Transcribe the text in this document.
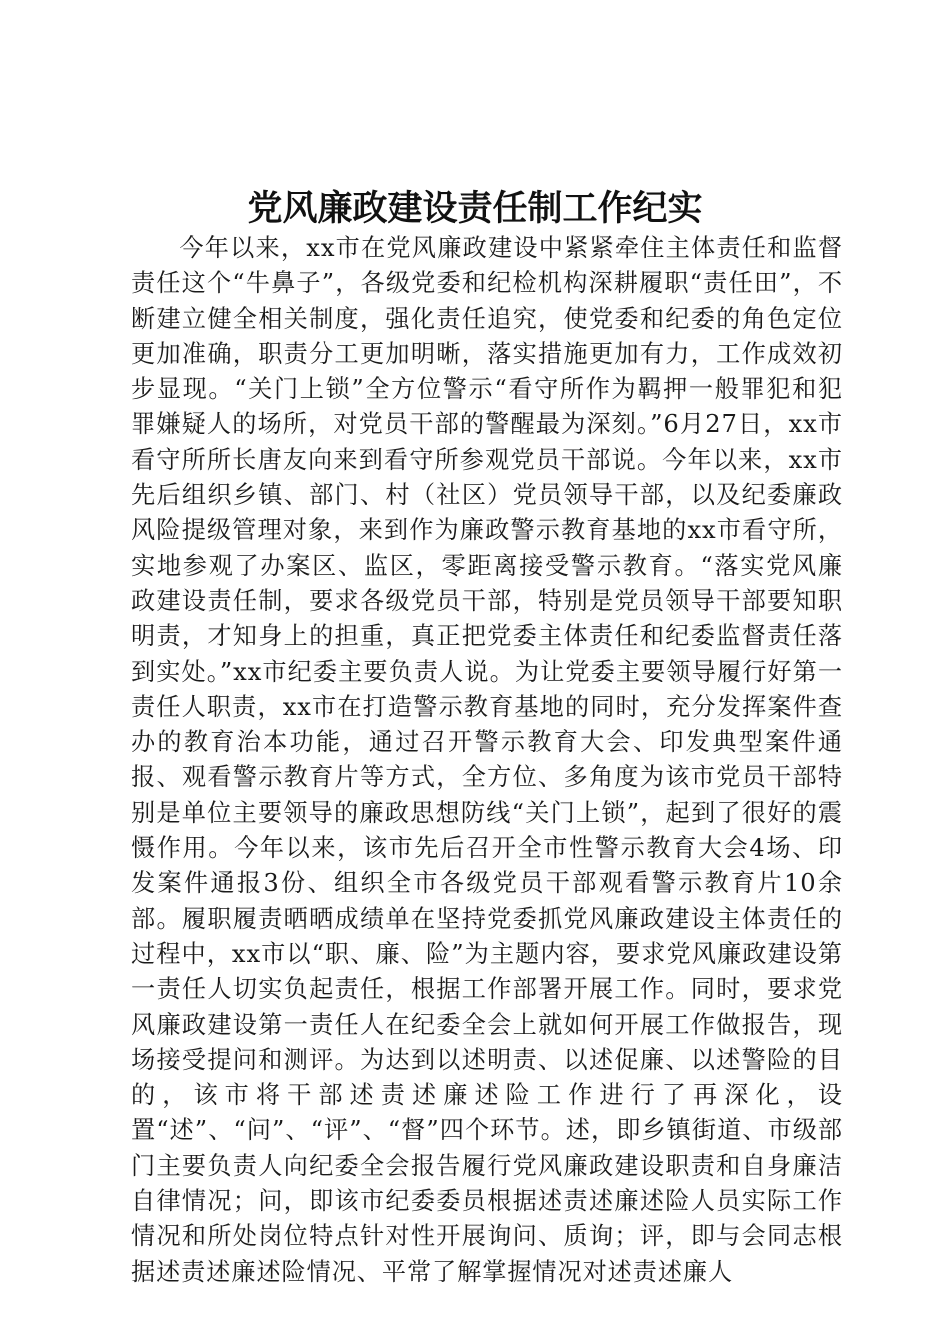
党风廉政建设责任制工作纪实

今年以来，xx市在党风廉政建设中紧紧牵住主体责任和监督责任这个“牛鼻子”，各级党委和纪检机构深耕履职“责任田”，不断建立健全相关制度，强化责任追究，使党委和纪委的角色定位更加准确，职责分工更加明晰，落实措施更加有力，工作成效初步显现。“关门上锁”全方位警示“看守所作为羁押一般罪犯和犯罪嫌疑人的场所，对党员干部的警醒最为深刻。”6月27日，xx市看守所所长唐友向来到看守所参观党员干部说。今年以来，xx市先后组织乡镇、部门、村（社区）党员领导干部，以及纪委廉政风险提级管理对象，来到作为廉政警示教育基地的xx市看守所，实地参观了办案区、监区，零距离接受警示教育。“落实党风廉政建设责任制，要求各级党员干部，特别是党员领导干部要知职明责，才知身上的担重，真正把党委主体责任和纪委监督责任落到实处。”xx市纪委主要负责人说。为让党委主要领导履行好第一责任人职责，xx市在打造警示教育基地的同时，充分发挥案件查办的教育治本功能，通过召开警示教育大会、印发典型案件通报、观看警示教育片等方式，全方位、多角度为该市党员干部特别是单位主要领导的廉政思想防线“关门上锁”，起到了很好的震慑作用。今年以来，该市先后召开全市性警示教育大会4场、印发案件通报3份、组织全市各级党员干部观看警示教育片10余部。履职履责晒晒成绩单在坚持党委抓党风廉政建设主体责任的过程中，xx市以“职、廉、险”为主题内容，要求党风廉政建设第一责任人切实负起责任，根据工作部署开展工作。同时，要求党风廉政建设第一责任人在纪委全会上就如何开展工作做报告，现场接受提问和测评。为达到以述明责、以述促廉、以述警险的目的，该市将干部述责述廉述险工作进行了再深化，设置“述”、“问”、“评”、“督”四个环节。述，即乡镇街道、市级部门主要负责人向纪委全会报告履行党风廉政建设职责和自身廉洁自律情况；问，即该市纪委委员根据述责述廉述险人员实际工作情况和所处岗位特点针对性开展询问、质询；评，即与会同志根据述责述廉述险情况、平常了解掌握情况对述责述廉人
